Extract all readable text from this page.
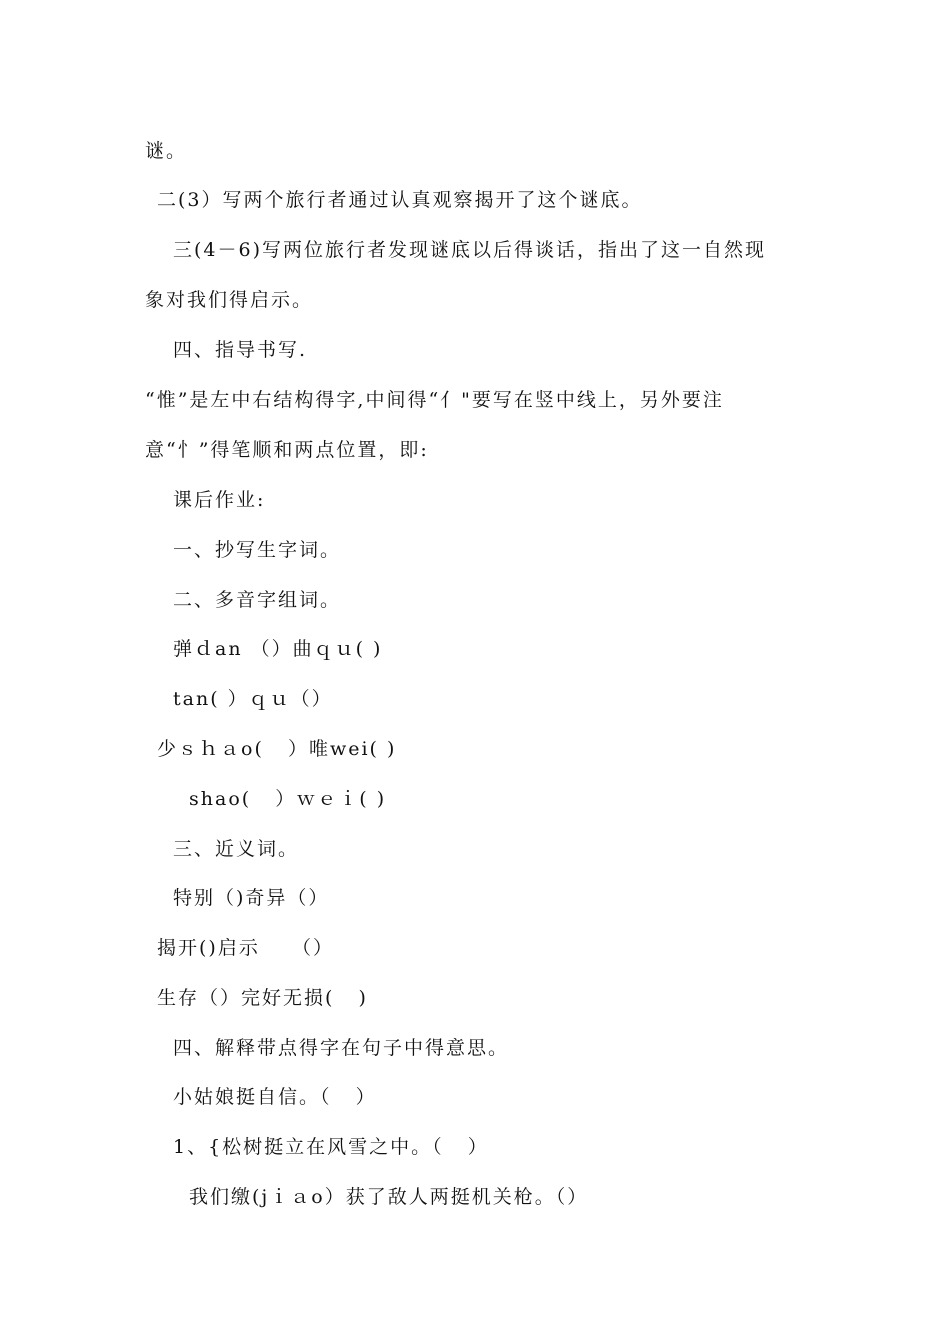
谜。
二(3）写两个旅行者通过认真观察揭开了这个谜底。
三(4－6)写两位旅行者发现谜底以后得谈话，指出了这一自然现
象对我们得启示。
四、指导书写.
“惟”是左中右结构得字,中间得“亻"要写在竖中线上，另外要注
意“忄”得笔顺和两点位置，即:
课后作业:
一、抄写生字词。
二、多音字组词。
弹ｄan （）曲ｑｕ( )
tan( ）ｑｕ（）
少ｓｈａo(   ）唯wei( )
shao(   ）ｗｅｉ( )
三、近义词。
特别（)奇异（）
揭开()启示    （）
生存（）完好无损(   )
四、解释带点得字在句子中得意思。
小姑娘挺自信。（   ）
1、{松树挺立在风雪之中。（   ）
我们缴(jｉａo）获了敌人两挺机关枪。（）
